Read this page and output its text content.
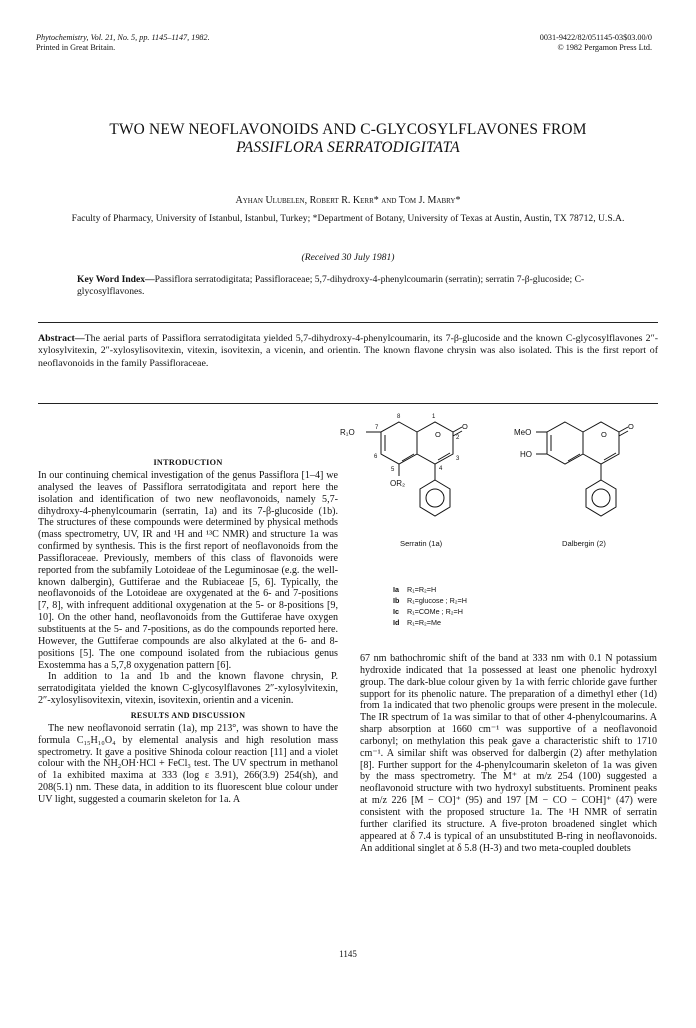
Phytochemistry, Vol. 21, No. 5, pp. 1145–1147, 1982.
Printed in Great Britain.
0031-9422/82/051145-03$03.00/0
© 1982 Pergamon Press Ltd.
TWO NEW NEOFLAVONOIDS AND C-GLYCOSYLFLAVONES FROM
PASSIFLORA SERRATODIGITATA
Ayhan Ulubelen, Robert R. Kerr* and Tom J. Mabry*
Faculty of Pharmacy, University of Istanbul, Istanbul, Turkey; *Department of Botany, University of Texas at Austin, Austin, TX 78712, U.S.A.
(Received 30 July 1981)
Key Word Index—Passiflora serratodigitata; Passifloraceae; 5,7-dihydroxy-4-phenylcoumarin (serratin); serratin 7-β-glucoside; C-glycosylflavones.
Abstract—The aerial parts of Passiflora serratodigitata yielded 5,7-dihydroxy-4-phenylcoumarin, its 7-β-glucoside and the known C-glycosylflavones 2″-xylosylvitexin, 2″-xylosylisovitexin, vitexin, isovitexin, a vicenin, and orientin. The known flavone chrysin was also isolated. This is the first report of neoflavonoids in the family Passifloraceae.
INTRODUCTION

In our continuing chemical investigation of the genus Passiflora [1–4] we analysed the leaves of Passiflora serratodigitata and report here the isolation and identification of two new neoflavonoids, namely 5,7-dihydroxy-4-phenylcoumarin (serratin, 1a) and its 7-β-glucoside (1b). The structures of these compounds were determined by physical methods (mass spectrometry, UV, IR and ¹H and ¹³C NMR) and structure 1a was confirmed by synthesis. This is the first report of neoflavonoids from the Passifloraceae. Previously, members of this class of flavonoids were reported from the subfamily Lotoideae of the Leguminosae (e.g. the well-known dalbergin), Guttiferae and the Rubiaceae [5, 6]. Typically, the neoflavonoids of the Lotoideae are oxygenated at the 6- and 7-positions [7, 8], with infrequent additional oxygenation at the 5- or 8-positions [9, 10]. On the other hand, neoflavonoids from the Guttiferae have oxygen substituents at the 5- and 7-positions, as do the compounds reported here. However, the Guttiferae compounds are also alkylated at the 6- and 8-positions [5]. The one compound isolated from the rubiacious genus Exostemma has a 5,7,8 oxygenation pattern [6].

In addition to 1a and 1b and the known flavone chrysin, P. serratodigitata yielded the known C-glycosylflavones 2″-xylosylvitexin, 2″-xylosylisovitexin, vitexin, isovitexin, orientin and a vicenin.

RESULTS AND DISCUSSION

The new neoflavonoid serratin (1a), mp 213°, was shown to have the formula C₁₅H₁₀O₄ by elemental analysis and high resolution mass spectrometry. It gave a positive Shinoda colour reaction [11] and a violet colour with the NH₂OH·HCl + FeCl₃ test. The UV spectrum in methanol of 1a exhibited maxima at 333 (log ε 3.91), 266(3.9) 254(sh), and 208(5.1) nm. These data, in addition to its fluorescent blue colour under UV light, suggested a coumarin skeleton for 1a. A

R₁O
OR₂
O
O
MeO
HO
O
O
8
7
6
5	4
3
2
1
Serratin (1a)	Dalbergin (2)
Ia R₁=R₂=H
Ib R₁=glucose ; R₂=H
Ic R₁=COMe ; R₂=H
Id R₁=R₂=Me

67 nm bathochromic shift of the band at 333 nm with 0.1 N potassium hydroxide indicated that 1a possessed at least one phenolic hydroxyl group. The dark-blue colour given by 1a with ferric chloride gave further support for its phenolic nature. The preparation of a dimethyl ether (1d) from 1a indicated that two phenolic groups were present in the molecule. The IR spectrum of 1a was similar to that of other 4-phenylcoumarins. A sharp absorption at 1660 cm⁻¹ was supportive of a neoflavonoid carbonyl; on methylation this peak gave a characteristic shift to 1710 cm⁻¹. A similar shift was observed for dalbergin (2) after methylation [8]. Further support for the 4-phenylcoumarin skeleton of 1a was given by the mass spectrometry. The M⁺ at m/z 254 (100) suggested a neoflavonoid structure with two hydroxyl substituents. Prominent peaks at m/z 226 [M − CO]⁺ (95) and 197 [M − CO − COH]⁺ (47) were consistent with the proposed structure 1a. The ¹H NMR of serratin further clarified its structure. A five-proton broadened singlet which appeared at δ 7.4 is typical of an unsubstituted B-ring in neoflavonoids. An additional singlet at δ 5.8 (H-3) and two meta-coupled doublets

1145
